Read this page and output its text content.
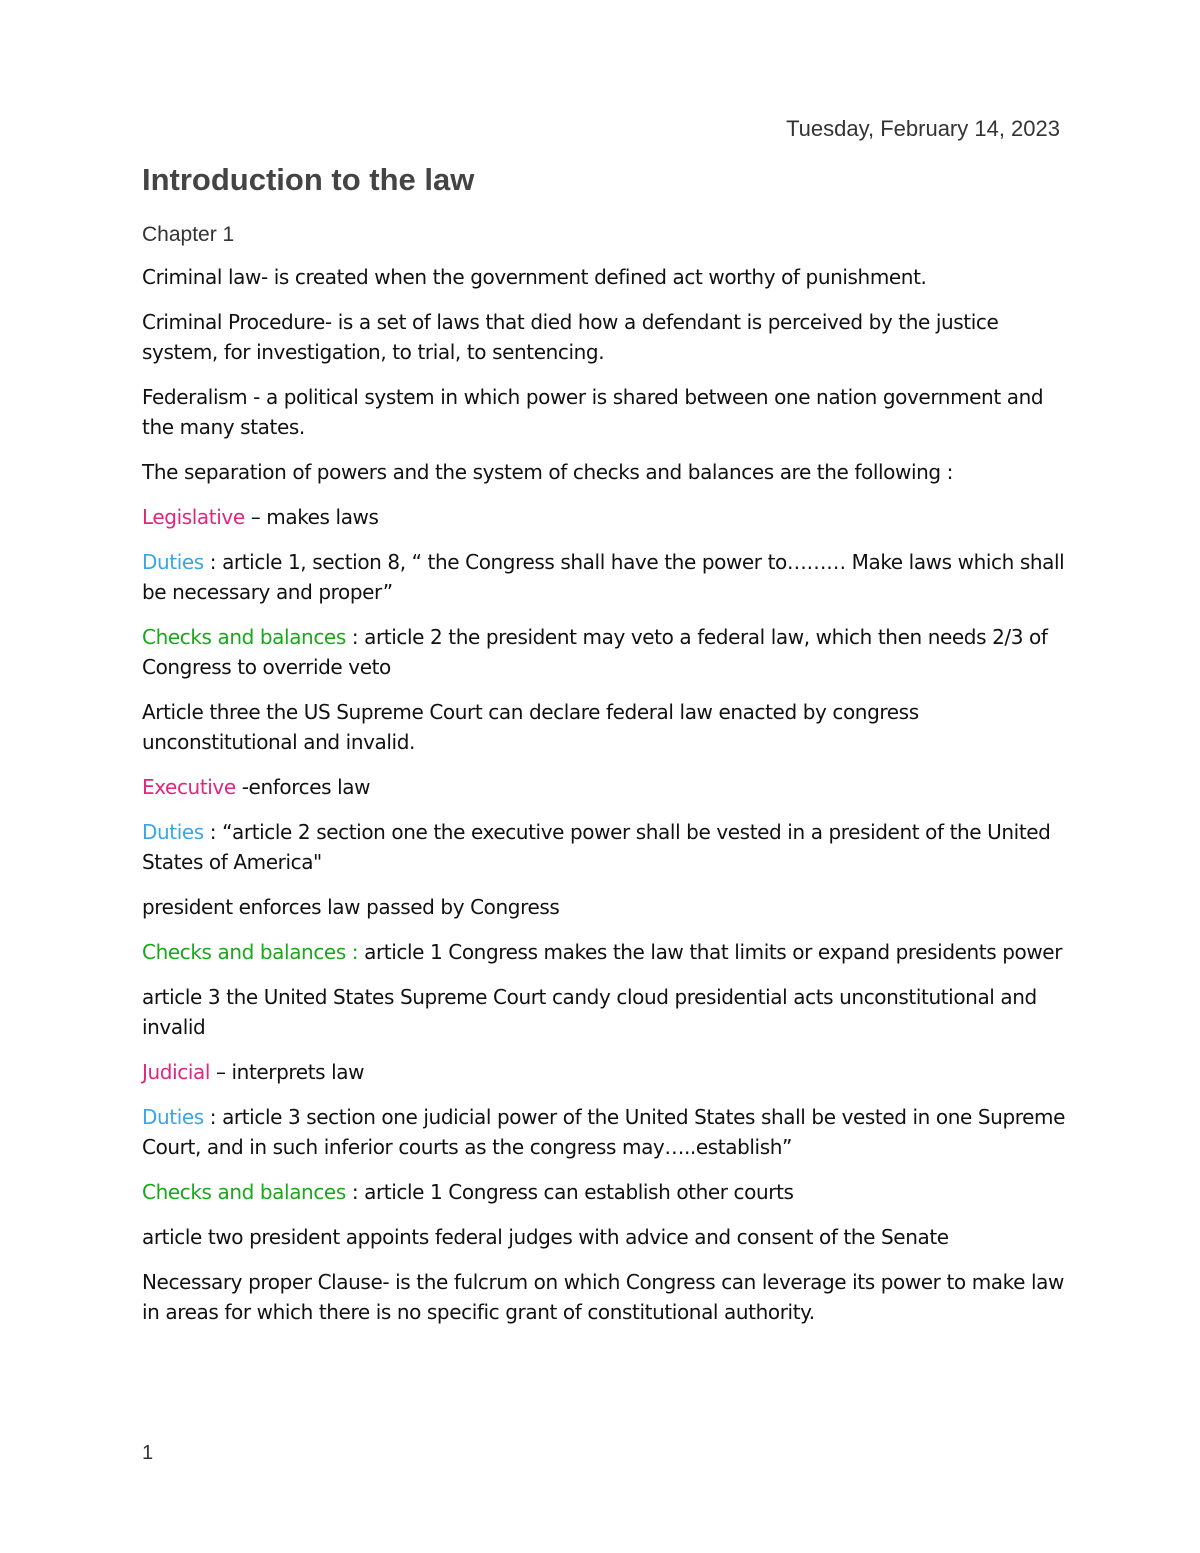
Tuesday, February 14, 2023
Introduction to the law
Chapter 1

Criminal law- is created when the government defined act worthy of punishment.

Criminal Procedure- is a set of laws that died how a defendant is perceived by the justice system, for investigation, to trial, to sentencing.

Federalism - a political system in which power is shared between one nation government and the many states.

The separation of powers and the system of checks and balances are the following :

Legislative – makes laws

Duties : article 1, section 8, “ the Congress shall have the power to……… Make laws which shall be necessary and proper”

Checks and balances : article 2 the president may veto a federal law, which then needs 2/3 of Congress to override veto

Article three the US Supreme Court can declare federal law enacted by congress unconstitutional and invalid.

Executive -enforces law

Duties : “article 2 section one the executive power shall be vested in a president of the United States of America"

president enforces law passed by Congress

Checks and balances : article 1 Congress makes the law that limits or expand presidents power

article 3 the United States Supreme Court candy cloud presidential acts unconstitutional and invalid

Judicial – interprets law

Duties : article 3 section one judicial power of the United States shall be vested in one Supreme Court, and in such inferior courts as the congress may…..establish”

Checks and balances : article 1 Congress can establish other courts

article two president appoints federal judges with advice and consent of the Senate

Necessary proper Clause- is the fulcrum on which Congress can leverage its power to make law in areas for which there is no specific grant of constitutional authority.

1
